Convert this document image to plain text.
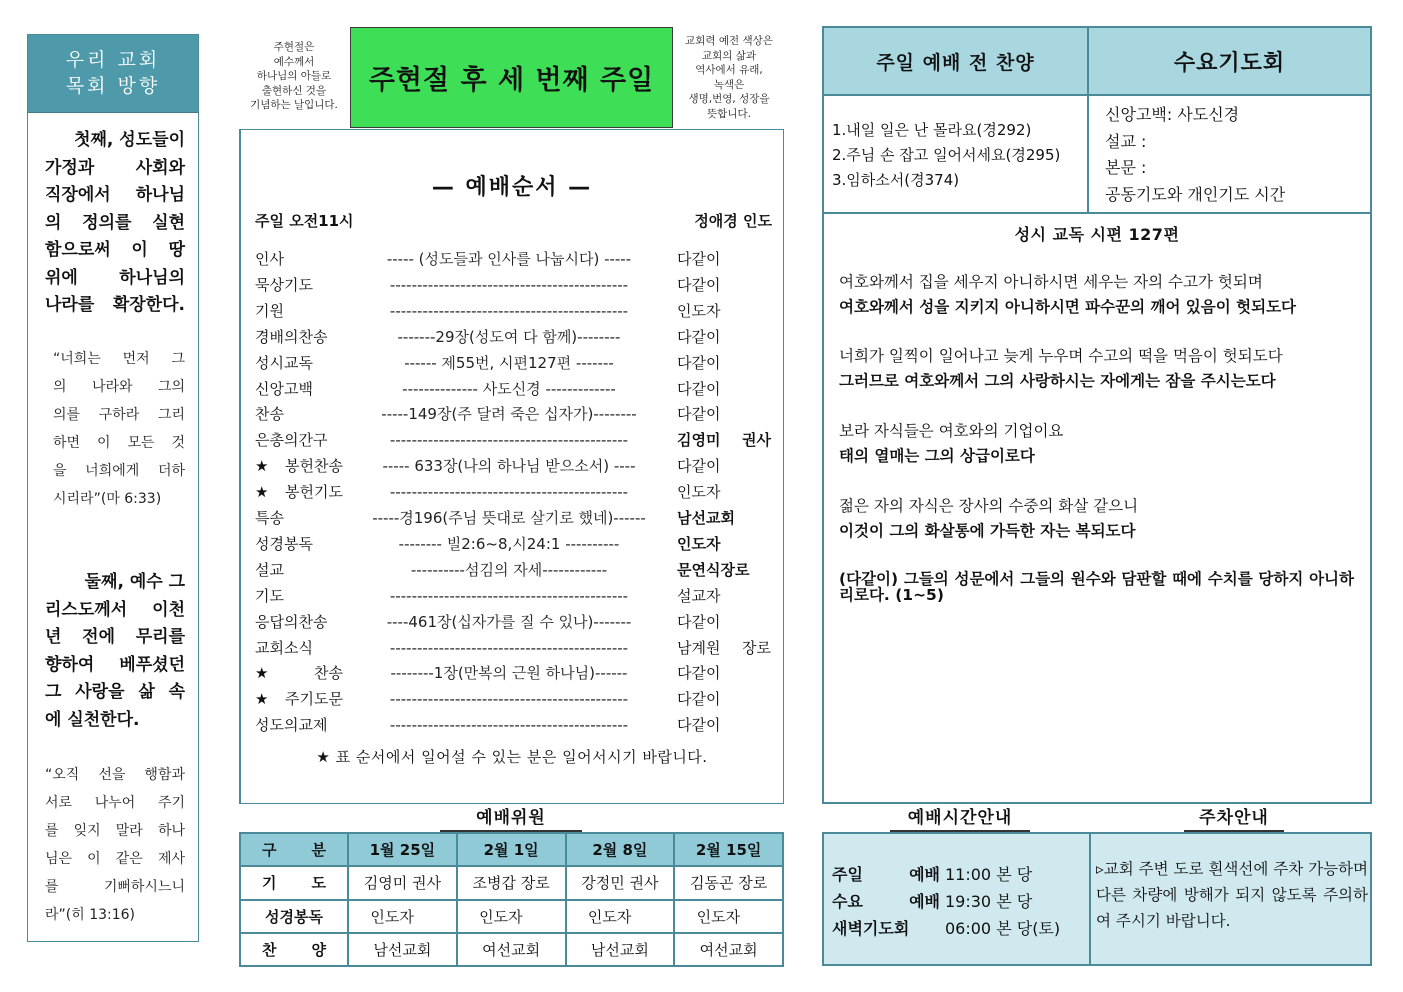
우리 교회
목회 방향
첫째, 성도들이
가정과 사회와
직장에서 하나님
의 정의를 실현
함으로써 이 땅
위에 하나님의
나라를 확장한다.
“너희는 먼저 그
의 나라와 그의
의를 구하라 그리
하면 이 모든 것
을 너희에게 더하
시리라”(마 6:33)
둘째, 예수 그
리스도께서 이천
년 전에 무리를
향하여 베푸셨던
그 사랑을 삶 속
에 실천한다.
“오직 선을 행함과
서로 나누어 주기
를 잊지 말라 하나
님은 이 같은 제사
를 기뻐하시느니
라”(히 13:16)
주현절은
예수께서
하나님의 아들로
출현하신 것을
기념하는 날입니다.
주현절 후 세 번째 주일
교회력 예전 색상은
교회의 삶과
역사에서 유래,
녹색은
생명,번영, 성장을
뜻합니다.
— 예배순서 —
주일 오전11시	정애경 인도
인사	----- (성도들과 인사를 나눕시다) -----	다같이
묵상기도	--------------------------------------------	다같이
기원	--------------------------------------------	인도자
경배의찬송	-------29장(성도여 다 함께)--------	다같이
성시교독	------ 제55번, 시편127편 -------	다같이
신앙고백	-------------- 사도신경 -------------	다같이
찬송	-----149장(주 달려 죽은 십자가)--------	다같이
은총의간구	--------------------------------------------	김영미 권사
★봉헌찬송	----- 633장(나의 하나님 받으소서) ----	다같이
★봉헌기도	--------------------------------------------	인도자
특송	-----경196(주님 뜻대로 살기로 했네)------	남선교회
성경봉독	-------- 빌2:6~8,시24:1 ----------	인도자
설교	----------섬김의 자세------------	문연식장로
기도	--------------------------------------------	설교자
응답의찬송	----461장(십자가를 질 수 있나)-------	다같이
교회소식	--------------------------------------------	남계원 장로
★찬송	--------1장(만복의 근원 하나님)------	다같이
★주기도문	--------------------------------------------	다같이
성도의교제	--------------------------------------------	다같이
★ 표 순서에서 일어설 수 있는 분은 일어서시기 바랍니다.
예배위원
구 분	1월 25일	2월 1일	2월 8일	2월 15일
기 도	김영미 권사	조병갑 장로	강정민 권사	김동곤 장로
성경봉독	인도자	인도자	인도자	인도자
찬 양	남선교회	여선교회	남선교회	여선교회
주일 예배 전 찬양	수요기도회
1.내일 일은 난 몰라요(경292)
2.주님 손 잡고 일어서세요(경295)
3.임하소서(경374)
신앙고백: 사도신경
설교 :
본문 :
공동기도와 개인기도 시간
성시 교독 시편 127편
여호와께서 집을 세우지 아니하시면 세우는 자의 수고가 헛되며
여호와께서 성을 지키지 아니하시면 파수꾼의 깨어 있음이 헛되도다
너희가 일찍이 일어나고 늦게 누우며 수고의 떡을 먹음이 헛되도다
그러므로 여호와께서 그의 사랑하시는 자에게는 잠을 주시는도다
보라 자식들은 여호와의 기업이요
태의 열매는 그의 상급이로다
젊은 자의 자식은 장사의 수중의 화살 같으니
이것이 그의 화살통에 가득한 자는 복되도다
(다같이) 그들의 성문에서 그들의 원수와 담판할 때에 수치를 당하지 아니하리로다. (1~5)
예배시간안내	주차안내
주일 예배 11:00 본 당
수요 예배 19:30 본 당
새벽기도회 06:00 본 당(토)
▹교회 주변 도로 흰색선에 주차 가능하며 다른 차량에 방해가 되지 않도록 주의하여 주시기 바랍니다.
